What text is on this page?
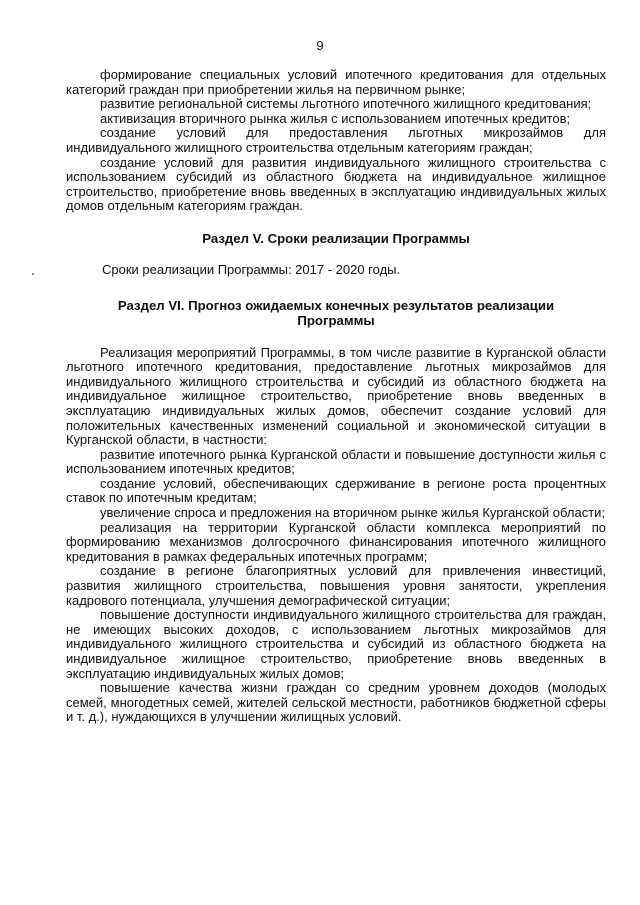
9

формирование специальных условий ипотечного кредитования для отдельных категорий граждан при приобретении жилья на первичном рынке;

развитие региональной системы льготного ипотечного жилищного кредитования;

активизация вторичного рынка жилья с использованием ипотечных кредитов;

создание условий для предоставления льготных микрозаймов для индивидуального жилищного строительства отдельным категориям граждан;

создание условий для развития индивидуального жилищного строительства с использованием субсидий из областного бюджета на индивидуальное жилищное строительство, приобретение вновь введенных в эксплуатацию индивидуальных жилых домов отдельным категориям граждан.

Раздел V. Сроки реализации Программы

Сроки реализации Программы: 2017 - 2020 годы.

Раздел VI. Прогноз ожидаемых конечных результатов реализации Программы

Реализация мероприятий Программы, в том числе развитие в Курганской области льготного ипотечного кредитования, предоставление льготных микрозаймов для индивидуального жилищного строительства и субсидий из областного бюджета на индивидуальное жилищное строительство, приобретение вновь введенных в эксплуатацию индивидуальных жилых домов, обеспечит создание условий для положительных качественных изменений социальной и экономической ситуации в Курганской области, в частности:

развитие ипотечного рынка Курганской области и повышение доступности жилья с использованием ипотечных кредитов;

создание условий, обеспечивающих сдерживание в регионе роста процентных ставок по ипотечным кредитам;

увеличение спроса и предложения на вторичном рынке жилья Курганской области;

реализация на территории Курганской области комплекса мероприятий по формированию механизмов долгосрочного финансирования ипотечного жилищного кредитования в рамках федеральных ипотечных программ;

создание в регионе благоприятных условий для привлечения инвестиций, развития жилищного строительства, повышения уровня занятости, укрепления кадрового потенциала, улучшения демографической ситуации;

повышение доступности индивидуального жилищного строительства для граждан, не имеющих высоких доходов, с использованием льготных микрозаймов для индивидуального жилищного строительства и субсидий из областного бюджета на индивидуальное жилищное строительство, приобретение вновь введенных в эксплуатацию индивидуальных жилых домов;

повышение качества жизни граждан со средним уровнем доходов (молодых семей, многодетных семей, жителей сельской местности, работников бюджетной сферы и т. д.), нуждающихся в улучшении жилищных условий.
